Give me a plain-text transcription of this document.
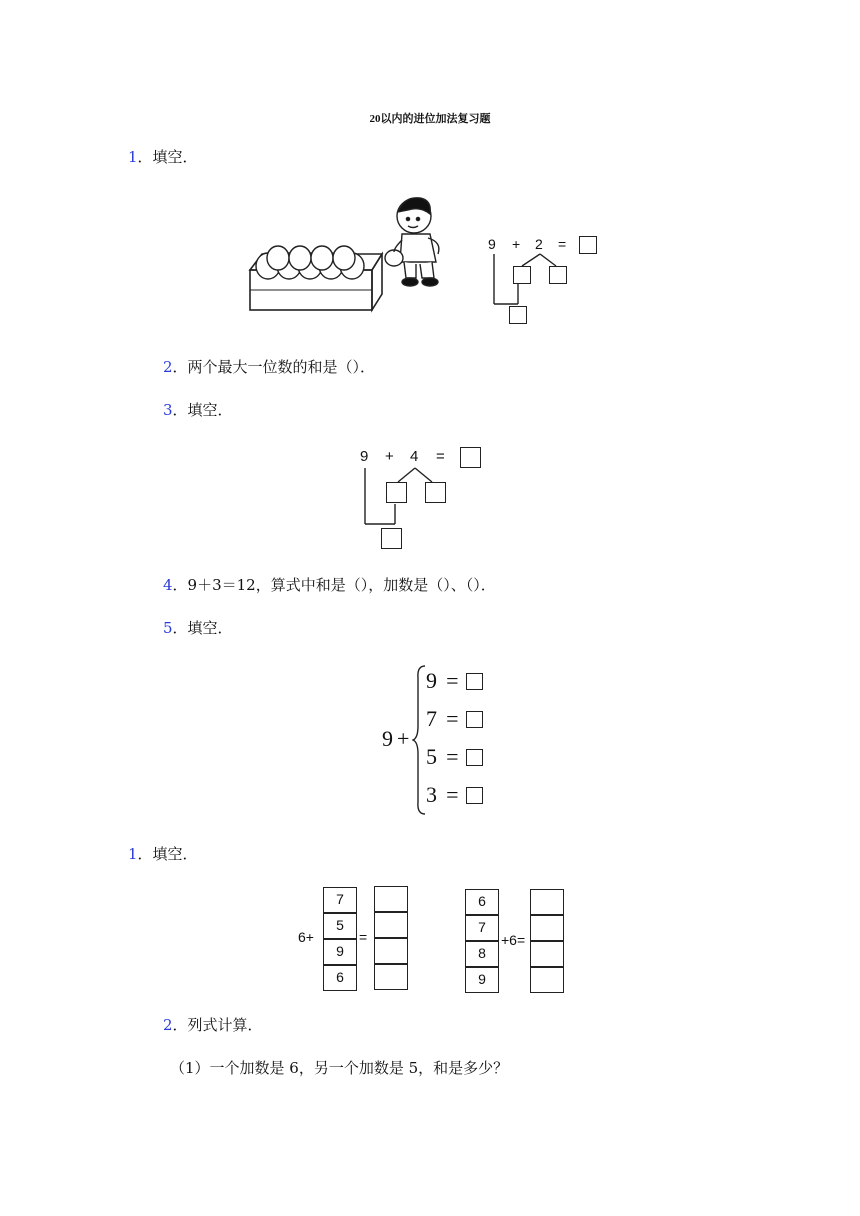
20以内的进位加法复习题
1．填空．
9 + 2 =
2．两个最大一位数的和是（）．
3．填空．
9 + 4 =
4．9＋3＝12，算式中和是（），加数是（）、（）．
5．填空．
9 +
9 =
7 =
5 =
3 =
1．填空．
6+
7
5
9
6
=
6
7
8
9
+6=
2．列式计算．
（1）一个加数是 6，另一个加数是 5，和是多少？
